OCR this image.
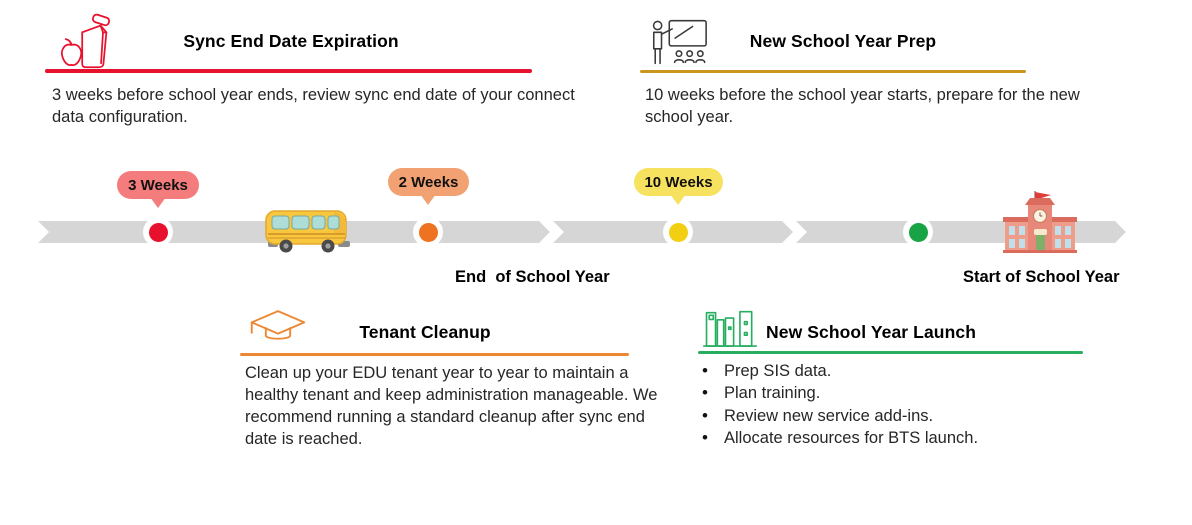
Sync End Date Expiration
3 weeks before school year ends, review sync end date of your connect data configuration.
New School Year Prep
10 weeks before the school year starts, prepare for the new school year.
3 Weeks	2 Weeks	10 Weeks
End  of School Year	Start of School Year
Tenant Cleanup
Clean up your EDU tenant year to year to maintain a healthy tenant and keep administration manageable. We recommend running a standard cleanup after sync end date is reached.
New School Year Launch
• Prep SIS data.
• Plan training.
• Review new service add-ins.
• Allocate resources for BTS launch.
